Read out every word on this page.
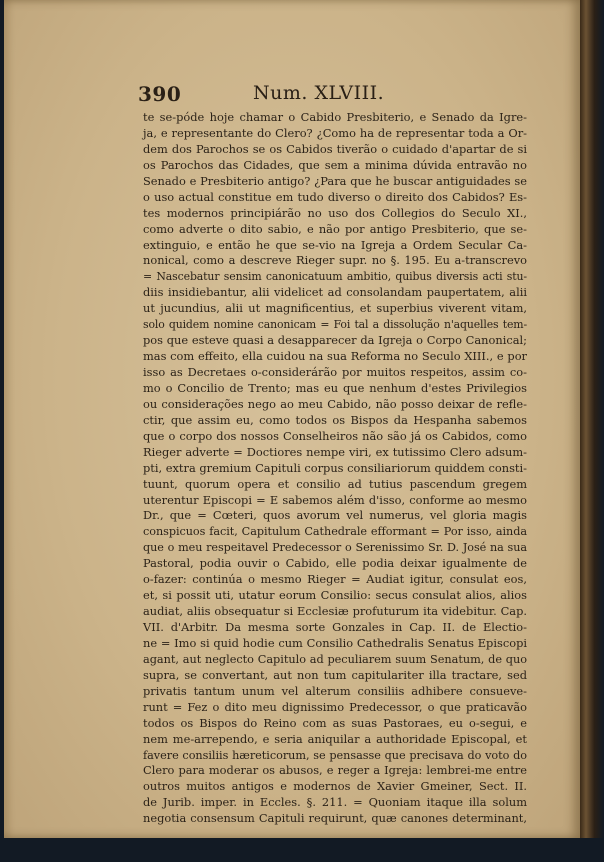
390	Num. XLVIII.
te se-póde hoje chamar o Cabido Presbiterio, e Senado da Igre-
ja, e representante do Clero? ¿Como ha de representar toda a Or-
dem dos Parochos se os Cabidos tiverão o cuidado d'apartar de si
os Parochos das Cidades, que sem a minima dúvida entravão no
Senado e Presbiterio antigo? ¿Para que he buscar antiguidades se
o uso actual constitue em tudo diverso o direito dos Cabidos? Es-
tes modernos principiárão no uso dos Collegios do Seculo XI.,
como adverte o dito sabio, e não por antigo Presbiterio, que se-
extinguio, e então he que se-vio na Igreja a Ordem Secular Ca-
nonical, como a descreve Rieger supr. no §. 195. Eu a-transcrevo
= Nascebatur sensim canonicatuum ambitio, quibus diversis acti stu-
diis insidiebantur, alii videlicet ad consolandam paupertatem, alii
ut jucundius, alii ut magnificentius, et superbius viverent vitam,
solo quidem nomine canonicam = Foi tal a dissolução n'aquelles tem-
pos que esteve quasi a desapparecer da Igreja o Corpo Canonical;
mas com effeito, ella cuidou na sua Reforma no Seculo XIII., e por
isso as Decretaes o-considerárão por muitos respeitos, assim co-
mo o Concilio de Trento; mas eu que nenhum d'estes Privilegios
ou considerações nego ao meu Cabido, não posso deixar de refle-
ctir, que assim eu, como todos os Bispos da Hespanha sabemos
que o corpo dos nossos Conselheiros não são já os Cabidos, como
Rieger adverte = Doctiores nempe viri, ex tutissimo Clero adsum-
pti, extra gremium Capituli corpus consiliariorum quiddem consti-
tuunt, quorum opera et consilio ad tutius pascendum gregem
uterentur Episcopi = E sabemos além d'isso, conforme ao mesmo
Dr., que = Cœteri, quos avorum vel numerus, vel gloria magis
conspicuos facit, Capitulum Cathedrale efformant = Por isso, ainda
que o meu respeitavel Predecessor o Serenissimo Sr. D. José na sua
Pastoral, podia ouvir o Cabido, elle podia deixar igualmente de
o-fazer: continúa o mesmo Rieger = Audiat igitur, consulat eos,
et, si possit uti, utatur eorum Consilio: secus consulat alios, alios
audiat, aliis obsequatur si Ecclesiæ profuturum ita videbitur. Cap.
VII. d'Arbitr. Da mesma sorte Gonzales in Cap. II. de Electio-
ne = Imo si quid hodie cum Consilio Cathedralis Senatus Episcopi
agant, aut neglecto Capitulo ad peculiarem suum Senatum, de quo
supra, se convertant, aut non tum capitulariter illa tractare, sed
privatis tantum unum vel alterum consiliis adhibere consueve-
runt = Fez o dito meu dignissimo Predecessor, o que praticavão
todos os Bispos do Reino com as suas Pastoraes, eu o-segui, e
nem me-arrependo, e seria aniquilar a authoridade Episcopal, et
favere consiliis hæreticorum, se pensasse que precisava do voto do
Clero para moderar os abusos, e reger a Igreja: lembrei-me entre
outros muitos antigos e modernos de Xavier Gmeiner, Sect. II.
de Jurib. imper. in Eccles. §. 211. = Quoniam itaque illa solum
negotia consensum Capituli requirunt, quæ canones determinant,
